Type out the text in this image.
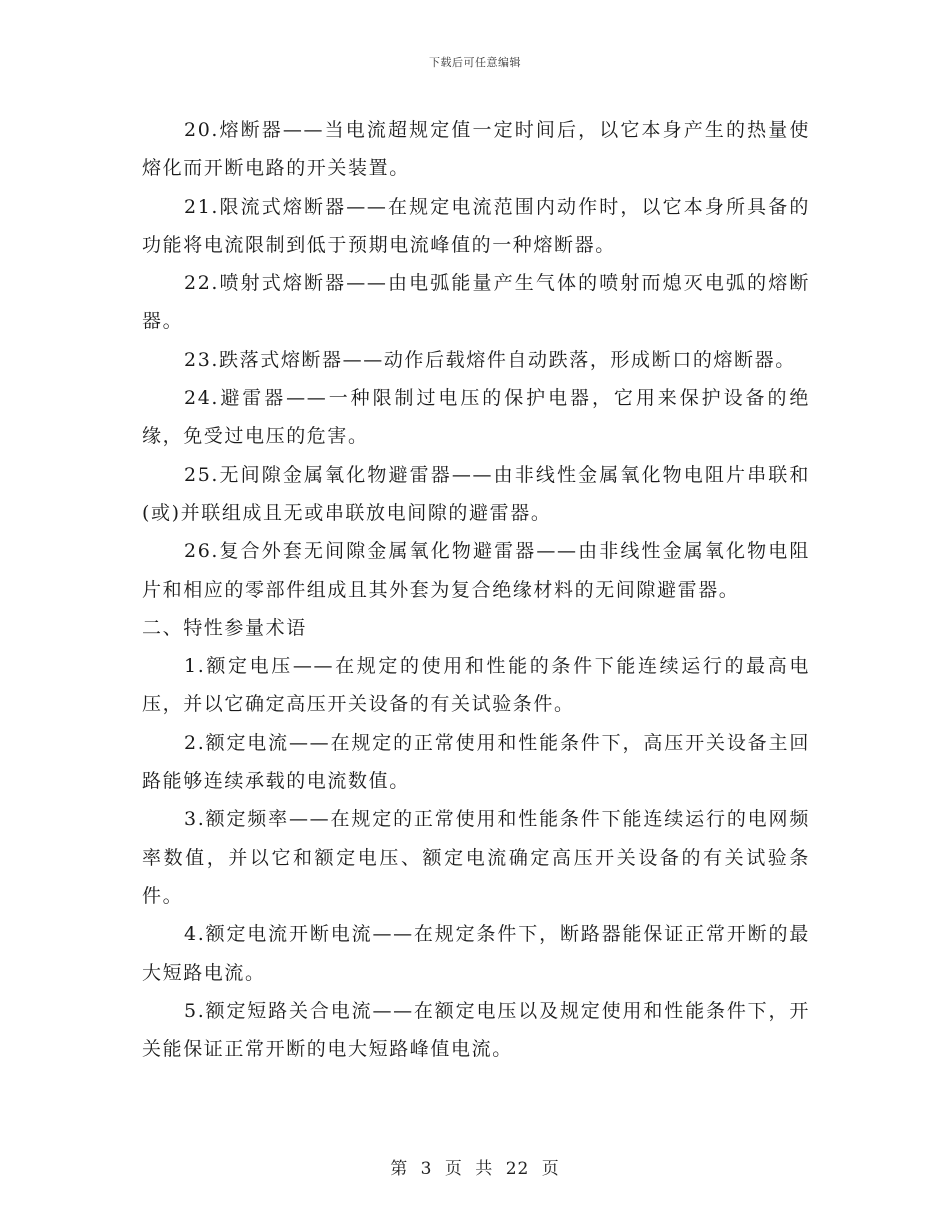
下载后可任意编辑

20.熔断器——当电流超规定值一定时间后，以它本身产生的热量使熔化而开断电路的开关装置。

21.限流式熔断器——在规定电流范围内动作时，以它本身所具备的功能将电流限制到低于预期电流峰值的一种熔断器。

22.喷射式熔断器——由电弧能量产生气体的喷射而熄灭电弧的熔断器。

23.跌落式熔断器——动作后载熔件自动跌落，形成断口的熔断器。

24.避雷器——一种限制过电压的保护电器，它用来保护设备的绝缘，免受过电压的危害。

25.无间隙金属氧化物避雷器——由非线性金属氧化物电阻片串联和(或)并联组成且无或串联放电间隙的避雷器。

26.复合外套无间隙金属氧化物避雷器——由非线性金属氧化物电阻片和相应的零部件组成且其外套为复合绝缘材料的无间隙避雷器。

二、特性参量术语

1.额定电压——在规定的使用和性能的条件下能连续运行的最高电压，并以它确定高压开关设备的有关试验条件。

2.额定电流——在规定的正常使用和性能条件下，高压开关设备主回路能够连续承载的电流数值。

3.额定频率——在规定的正常使用和性能条件下能连续运行的电网频率数值，并以它和额定电压、额定电流确定高压开关设备的有关试验条件。

4.额定电流开断电流——在规定条件下，断路器能保证正常开断的最大短路电流。

5.额定短路关合电流——在额定电压以及规定使用和性能条件下，开关能保证正常开断的电大短路峰值电流。

第 3 页 共 22 页
